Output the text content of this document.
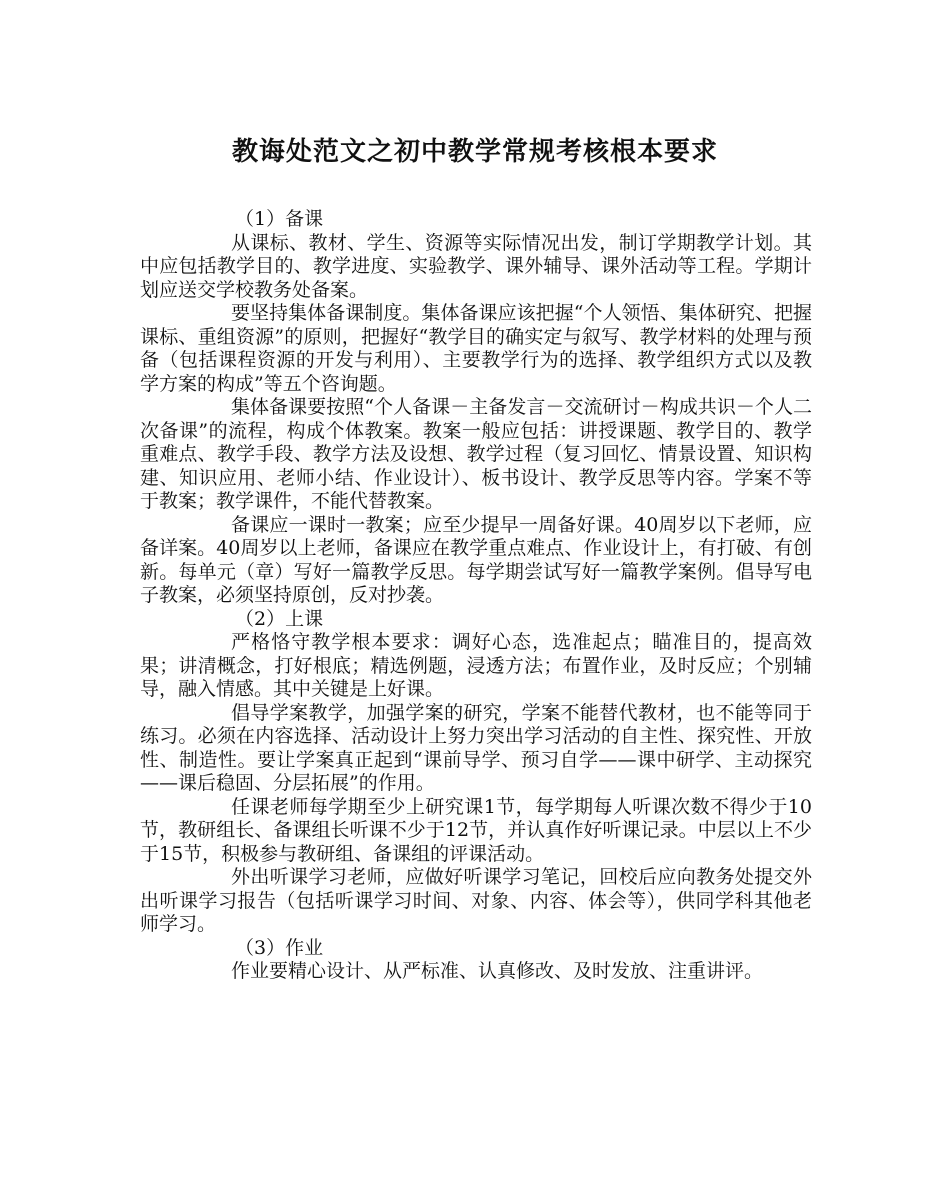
教诲处范文之初中教学常规考核根本要求

（1）备课

从课标、教材、学生、资源等实际情况出发，制订学期教学计划。其中应包括教学目的、教学进度、实验教学、课外辅导、课外活动等工程。学期计划应送交学校教务处备案。

要坚持集体备课制度。集体备课应该把握“个人领悟、集体研究、把握课标、重组资源”的原则，把握好“教学目的确实定与叙写、教学材料的处理与预备（包括课程资源的开发与利用）、主要教学行为的选择、教学组织方式以及教学方案的构成”等五个咨询题。

集体备课要按照“个人备课－主备发言－交流研讨－构成共识－个人二次备课”的流程，构成个体教案。教案一般应包括：讲授课题、教学目的、教学重难点、教学手段、教学方法及设想、教学过程（复习回忆、情景设置、知识构建、知识应用、老师小结、作业设计）、板书设计、教学反思等内容。学案不等于教案；教学课件，不能代替教案。

备课应一课时一教案；应至少提早一周备好课。40周岁以下老师，应备详案。40周岁以上老师，备课应在教学重点难点、作业设计上，有打破、有创新。每单元（章）写好一篇教学反思。每学期尝试写好一篇教学案例。倡导写电子教案，必须坚持原创，反对抄袭。

（2）上课

严格恪守教学根本要求：调好心态，选准起点；瞄准目的，提高效果；讲清概念，打好根底；精选例题，浸透方法；布置作业，及时反应；个别辅导，融入情感。其中关键是上好课。

倡导学案教学，加强学案的研究，学案不能替代教材，也不能等同于练习。必须在内容选择、活动设计上努力突出学习活动的自主性、探究性、开放性、制造性。要让学案真正起到“课前导学、预习自学——课中研学、主动探究——课后稳固、分层拓展”的作用。

任课老师每学期至少上研究课1节，每学期每人听课次数不得少于10节，教研组长、备课组长听课不少于12节，并认真作好听课记录。中层以上不少于15节，积极参与教研组、备课组的评课活动。

外出听课学习老师，应做好听课学习笔记，回校后应向教务处提交外出听课学习报告（包括听课学习时间、对象、内容、体会等），供同学科其他老师学习。

（3）作业

作业要精心设计、从严标准、认真修改、及时发放、注重讲评。
